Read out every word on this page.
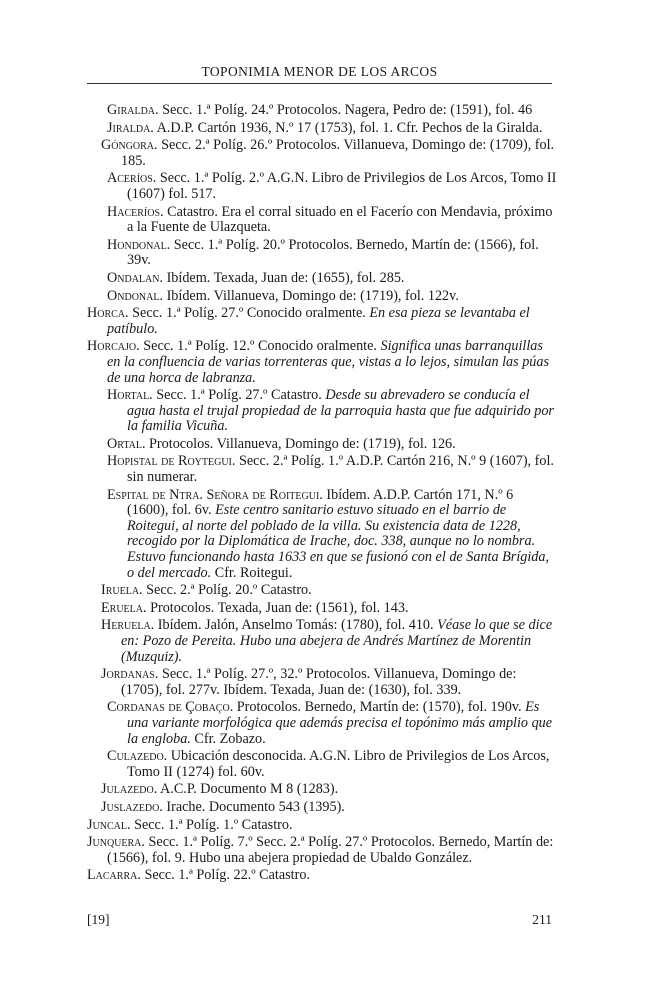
TOPONIMIA MENOR DE LOS ARCOS

Giralda. Secc. 1.ª Políg. 24.º Protocolos. Nagera, Pedro de: (1591), fol. 46

Jiralda. A.D.P. Cartón 1936, N.º 17 (1753), fol. 1. Cfr. Pechos de la Giralda.

Góngora. Secc. 2.ª Políg. 26.º Protocolos. Villanueva, Domingo de: (1709), fol. 185.

Aceríos. Secc. 1.ª Políg. 2.º A.G.N. Libro de Privilegios de Los Arcos, Tomo II (1607) fol. 517.

Haceríos. Catastro. Era el corral situado en el Facerío con Mendavia, próximo a la Fuente de Ulazqueta.

Hondonal. Secc. 1.ª Políg. 20.º Protocolos. Bernedo, Martín de: (1566), fol. 39v.

Ondalan. Ibídem. Texada, Juan de: (1655), fol. 285.

Ondonal. Ibídem. Villanueva, Domingo de: (1719), fol. 122v.

Horca. Secc. 1.ª Políg. 27.º Conocido oralmente. En esa pieza se levantaba el patíbulo.

Horcajo. Secc. 1.ª Políg. 12.º Conocido oralmente. Significa unas barranquillas en la confluencia de varias torrenteras que, vistas a lo lejos, simulan las púas de una horca de labranza.

Hortal. Secc. 1.ª Políg. 27.º Catastro. Desde su abrevadero se conducía el agua hasta el trujal propiedad de la parroquia hasta que fue adquirido por la familia Vicuña.

Ortal. Protocolos. Villanueva, Domingo de: (1719), fol. 126.

Hopistal de Roytegui. Secc. 2.ª Políg. 1.º A.D.P. Cartón 216, N.º 9 (1607), fol. sin numerar.

Espital de Ntra. Señora de Roitegui. Ibídem. A.D.P. Cartón 171, N.º 6 (1600), fol. 6v. Este centro sanitario estuvo situado en el barrio de Roitegui, al norte del poblado de la villa. Su existencia data de 1228, recogido por la Diplomática de Irache, doc. 338, aunque no lo nombra. Estuvo funcionando hasta 1633 en que se fusionó con el de Santa Brígida, o del mercado. Cfr. Roitegui.

Iruela. Secc. 2.ª Políg. 20.º Catastro.

Eruela. Protocolos. Texada, Juan de: (1561), fol. 143.

Heruela. Ibídem. Jalón, Anselmo Tomás: (1780), fol. 410. Véase lo que se dice en: Pozo de Pereita. Hubo una abejera de Andrés Martínez de Morentin (Muzquiz).

Jordanas. Secc. 1.ª Políg. 27.º, 32.º Protocolos. Villanueva, Domingo de: (1705), fol. 277v. Ibídem. Texada, Juan de: (1630), fol. 339.

Cordanas de Çobaço. Protocolos. Bernedo, Martín de: (1570), fol. 190v. Es una variante morfológica que además precisa el topónimo más amplio que la engloba. Cfr. Zobazo.

Culazedo. Ubicación desconocida. A.G.N. Libro de Privilegios de Los Arcos, Tomo II (1274) fol. 60v.

Julazedo. A.C.P. Documento M 8 (1283).

Juslazedo. Irache. Documento 543 (1395).

Juncal. Secc. 1.ª Políg. 1.º Catastro.

Junquera. Secc. 1.ª Políg. 7.º Secc. 2.ª Políg. 27.º Protocolos. Bernedo, Martín de: (1566), fol. 9. Hubo una abejera propiedad de Ubaldo González.

Lacarra. Secc. 1.ª Políg. 22.º Catastro.

[19]	211
